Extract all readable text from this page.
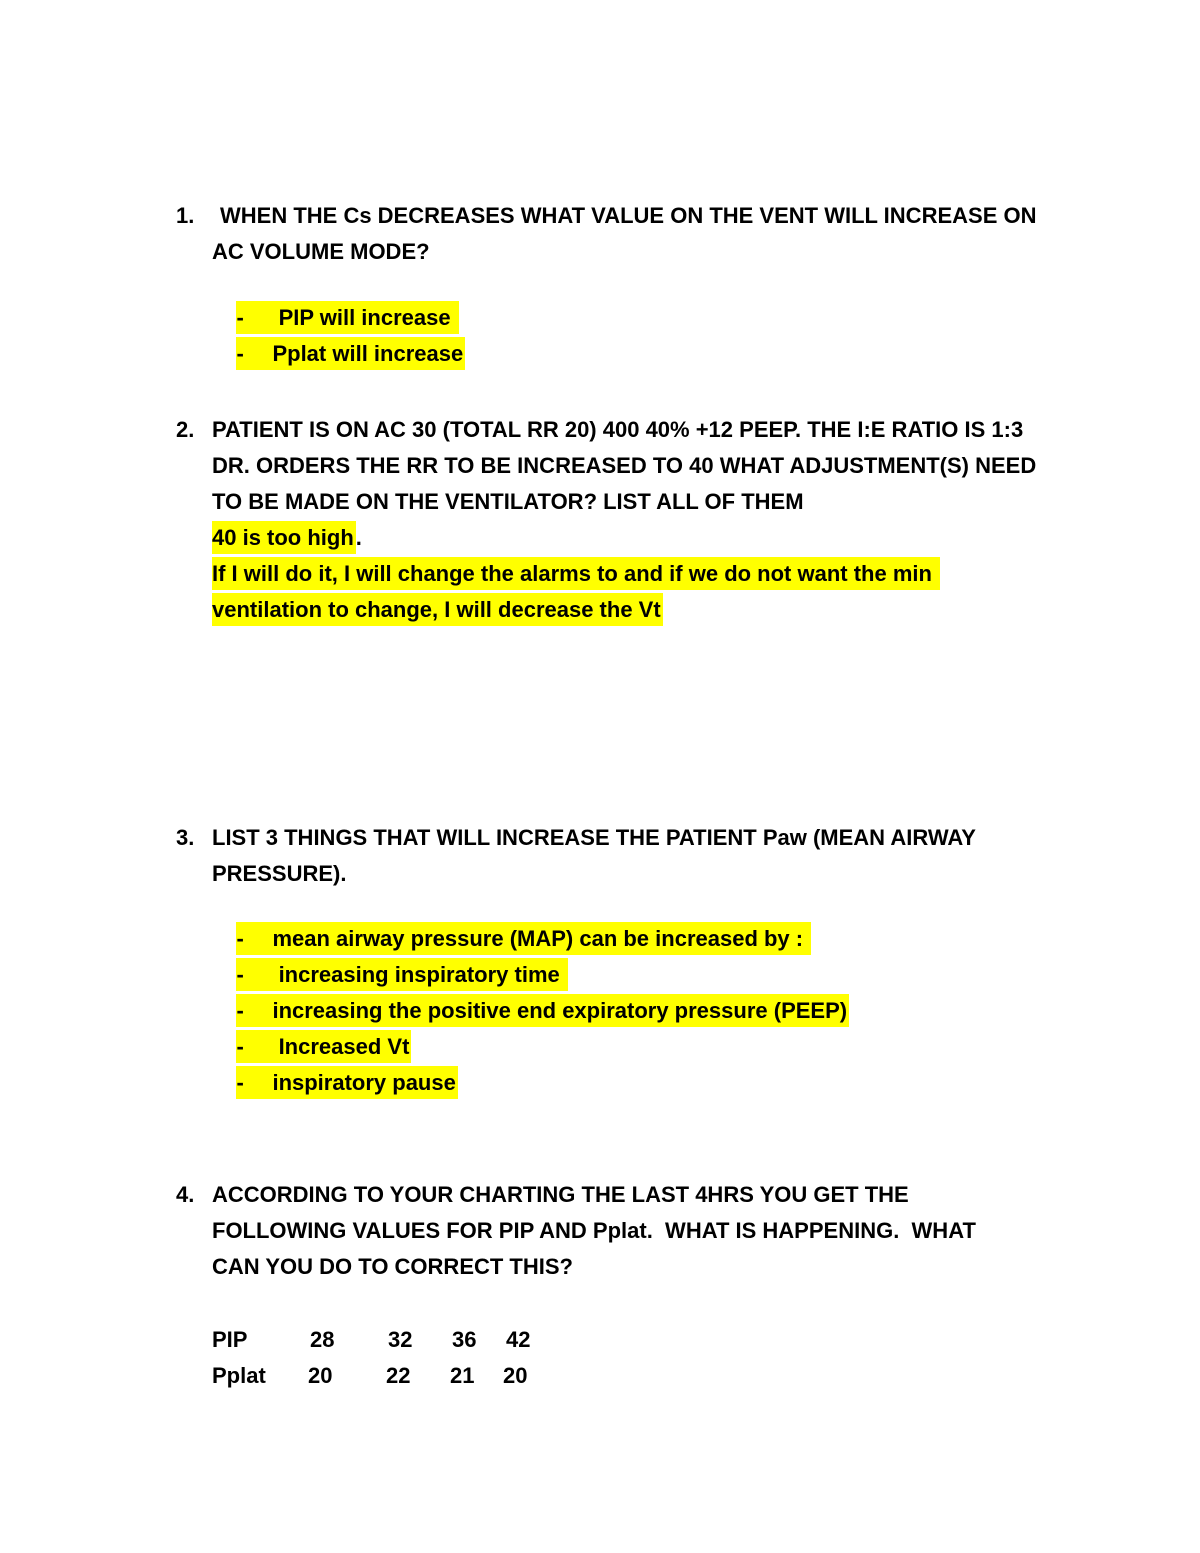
1. WHEN THE Cs DECREASES WHAT VALUE ON THE VENT WILL INCREASE ON
AC VOLUME MODE?

- PIP will increase

- Pplat will increase

2. PATIENT IS ON AC 30 (TOTAL RR 20) 400 40% +12 PEEP. THE I:E RATIO IS 1:3
DR. ORDERS THE RR TO BE INCREASED TO 40 WHAT ADJUSTMENT(S) NEED
TO BE MADE ON THE VENTILATOR? LIST ALL OF THEM
40 is too high.
If I will do it, I will change the alarms to and if we do not want the min
ventilation to change, I will decrease the Vt
3. LIST 3 THINGS THAT WILL INCREASE THE PATIENT Paw (MEAN AIRWAY
PRESSURE).

- mean airway pressure (MAP) can be increased by :

- increasing inspiratory time

- increasing the positive end expiratory pressure (PEEP)

- Increased Vt

- inspiratory pause

4. ACCORDING TO YOUR CHARTING THE LAST 4HRS YOU GET THE
FOLLOWING VALUES FOR PIP AND Pplat.  WHAT IS HAPPENING.  WHAT
CAN YOU DO TO CORRECT THIS?
PIP	28 32 36 42
Pplat 20 22 21 20
